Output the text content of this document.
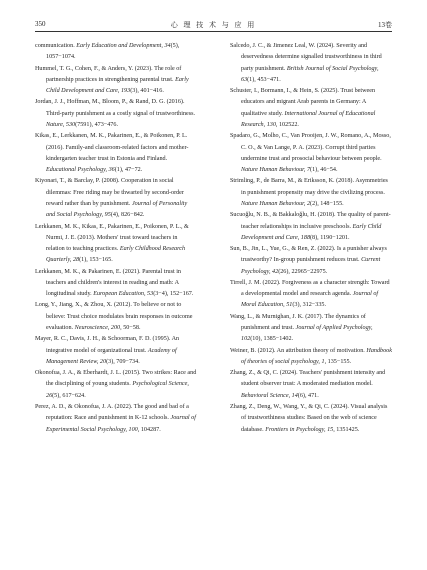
350	心 理 技 术 与 应 用	13卷

communication. Early Education and Development, 34(5), 1057−1074.

Hummel, T. G., Cohen, F., & Anders, Y. (2023). The role of partnership practices in strengthening parental trust. Early Child Development and Care, 193(3), 401−416.

Jordan, J. J., Hoffman, M., Bloom, P., & Rand, D. G. (2016). Third-party punishment as a costly signal of trustworthiness. Nature, 530(7591), 473−476.

Kikas, E., Lerkkanen, M. K., Pakarinen, E., & Poikonen, P. L. (2016). Family-and classroom-related factors and mother-kindergarten teacher trust in Estonia and Finland. Educational Psychology, 36(1), 47−72.

Kiyonari, T., & Barclay, P. (2008). Cooperation in social dilemmas: Free riding may be thwarted by second-order reward rather than by punishment. Journal of Personality and Social Psychology, 95(4), 826−842.

Lerkkanen, M. K., Kikas, E., Pakarinen, E., Poikonen, P. L., & Nurmi, J. E. (2013). Mothers' trust toward teachers in relation to teaching practices. Early Childhood Research Quarterly, 28(1), 153−165.

Lerkkanen, M. K., & Pakarinen, E. (2021). Parental trust in teachers and children's interest in reading and math: A longitudinal study. European Education, 53(3−4), 152−167.

Long, Y., Jiang, X., & Zhou, X. (2012). To believe or not to believe: Trust choice modulates brain responses in outcome evaluation. Neuroscience, 200, 50−58.

Mayer, R. C., Davis, J. H., & Schoorman, F. D. (1995). An integrative model of organizational trust. Academy of Management Review, 20(3), 709−734.

Okonofua, J. A., & Eberhardt, J. L. (2015). Two strikes: Race and the disciplining of young students. Psychological Science, 26(5), 617−624.

Perez, A. D., & Okonofua, J. A. (2022). The good and bad of a reputation: Race and punishment in K-12 schools. Journal of Experimental Social Psychology, 100, 104287.

Salcedo, J. C., & Jimenez Leal, W. (2024). Severity and deservedness determine signalled trustworthiness in third party punishment. British Journal of Social Psychology, 63(1), 453−471.

Schuster, I., Bormann, I., & Hein, S. (2025). Trust between educators and migrant Arab parents in Germany: A qualitative study. International Journal of Educational Research, 130, 102522.

Spadaro, G., Molho, C., Van Prooijen, J. W., Romano, A., Mosso, C. O., & Van Lange, P. A. (2023). Corrupt third parties undermine trust and prosocial behaviour between people. Nature Human Behaviour, 7(1), 46−54.

Strimling, P., de Barra, M., & Eriksson, K. (2018). Asymmetries in punishment propensity may drive the civilizing process. Nature Human Behaviour, 2(2), 148−155.

Sucuoğlu, N. B., & Bakkaloğlu, H. (2018). The quality of parent-teacher relationships in inclusive preschools. Early Child Development and Care, 188(8), 1190−1201.

Sun, B., Jin, L., Yue, G., & Ren, Z. (2022). Is a punisher always trustworthy? In-group punishment reduces trust. Current Psychology, 42(26), 22965−22975.

Tirrell, J. M. (2022). Forgiveness as a character strength: Toward a developmental model and research agenda. Journal of Moral Education, 51(3), 312−335.

Wang, L., & Murnighan, J. K. (2017). The dynamics of punishment and trust. Journal of Applied Psychology, 102(10), 1385−1402.

Weiner, B. (2012). An attribution theory of motivation. Handbook of theories of social psychology, 1, 135−155.

Zhang, Z., & Qi, C. (2024). Teachers' punishment intensity and student observer trust: A moderated mediation model. Behavioral Science, 14(6), 471.

Zhang, Z., Deng, W., Wang, Y., & Qi, C. (2024). Visual analysis of trustworthiness studies: Based on the web of science database. Frontiers in Psychology, 15, 1351425.
